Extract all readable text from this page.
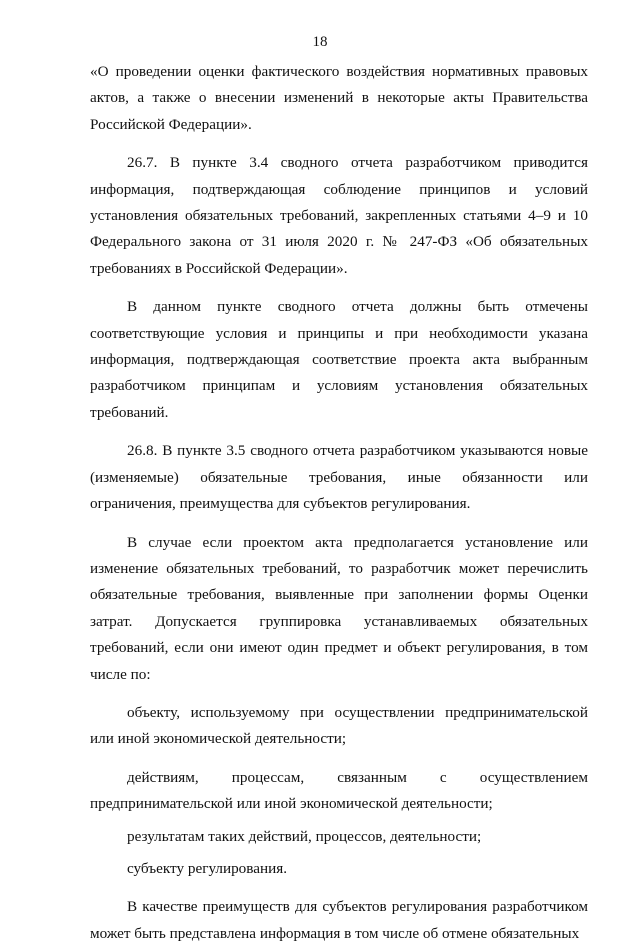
18

«О проведении оценки фактического воздействия нормативных правовых актов, а также о внесении изменений в некоторые акты Правительства Российской Федерации».

26.7. В пункте 3.4 сводного отчета разработчиком приводится информация, подтверждающая соблюдение принципов и условий установления обязательных требований, закрепленных статьями 4–9 и 10 Федерального закона от 31 июля 2020 г. № 247-ФЗ «Об обязательных требованиях в Российской Федерации».

В данном пункте сводного отчета должны быть отмечены соответствующие условия и принципы и при необходимости указана информация, подтверждающая соответствие проекта акта выбранным разработчиком принципам и условиям установления обязательных требований.

26.8. В пункте 3.5 сводного отчета разработчиком указываются новые (изменяемые) обязательные требования, иные обязанности или ограничения, преимущества для субъектов регулирования.

В случае если проектом акта предполагается установление или изменение обязательных требований, то разработчик может перечислить обязательные требования, выявленные при заполнении формы Оценки затрат. Допускается группировка устанавливаемых обязательных требований, если они имеют один предмет и объект регулирования, в том числе по:

объекту, используемому при осуществлении предпринимательской или иной экономической деятельности;

действиям, процессам, связанным с осуществлением предпринимательской или иной экономической деятельности;

результатам таких действий, процессов, деятельности;

субъекту регулирования.

В качестве преимуществ для субъектов регулирования разработчиком может быть представлена информация в том числе об отмене обязательных
